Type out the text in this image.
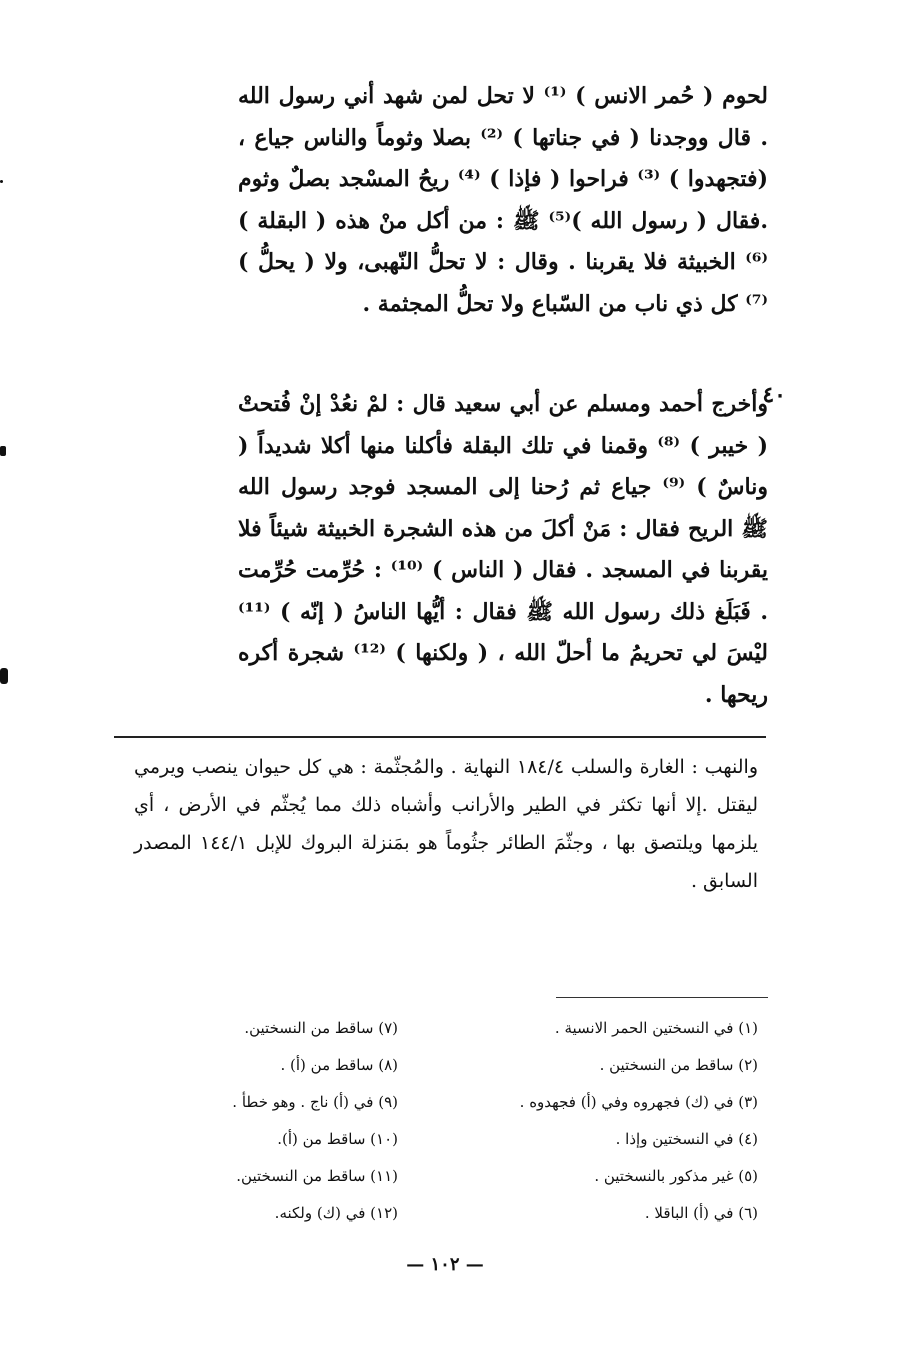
لحوم ( حُمر الانس ) ⁽¹⁾ لا تحل لمن شهد أني رسول الله . قال ووجدنا ( في جناتها ) ⁽²⁾ بصلا وثوماً والناس جياع ، (فتجهدوا ) ⁽³⁾ فراحوا ( فإذا ) ⁽⁴⁾ ريحُ المسْجد بصلٌ وثوم .فقال ( رسول الله )⁽⁵⁾ ﷺ : من أكل منْ هذه ( البقلة ) ⁽⁶⁾ الخبيثة فلا يقربنا . وقال : لا تحلُّ النّهبى، ولا ( يحلُّ ) ⁽⁷⁾ كل ذي ناب من السّباع ولا تحلُّ المجثمة .
وأخرج أحمد ومسلم عن أبي سعيد قال : لمْ نعُدْ إنْ فُتحتْ ( خيبر ) ⁽⁸⁾ وقمنا في تلك البقلة فأكلنا منها أكلا شديداً ( وناسٌ ) ⁽⁹⁾ جياع ثم رُحنا إلى المسجد فوجد رسول الله ﷺ الريح فقال : مَنْ أكلَ من هذه الشجرة الخبيثة شيئاً فلا يقربنا في المسجد . فقال ( الناس ) ⁽¹⁰⁾ : حُرِّمت حُرِّمت . فَبَلَغ ذلك رسول الله ﷺ فقال : أيُّها الناسُ ( إنّه ) ⁽¹¹⁾ ليْسَ لي تحريمُ ما أحلّ الله ، ( ولكنها ) ⁽¹²⁾ شجرة أكره ريحها .
٤٠
والنهب : الغارة والسلب ١٨٤/٤ النهاية . والمُجثّمة : هي كل حيوان ينصب ويرمي ليقتل .إلا أنها تكثر في الطير والأرانب وأشباه ذلك مما يُجثّم في الأرض ، أي يلزمها ويلتصق بها ، وجثّمَ الطائر جثُوماً هو بمَنزلة البروك للإبل ١٤٤/١ المصدر السابق .
(١) في النسختين الحمر الانسية .
(٢) ساقط من النسختين .
(٣) في (ك) فجهروه وفي (أ) فجهدوه .
(٤) في النسختين وإذا .
(٥) غير مذكور بالنسختين .
(٦) في (أ) الباقلا .
(٧) ساقط من النسختين.
(٨) ساقط من (أ) .
(٩) في (أ) ناج . وهو خطأ .
(١٠) ساقط من (أ).
(١١) ساقط من النسختين.
(١٢) في (ك) ولكنه.
— ١٠٢ —
